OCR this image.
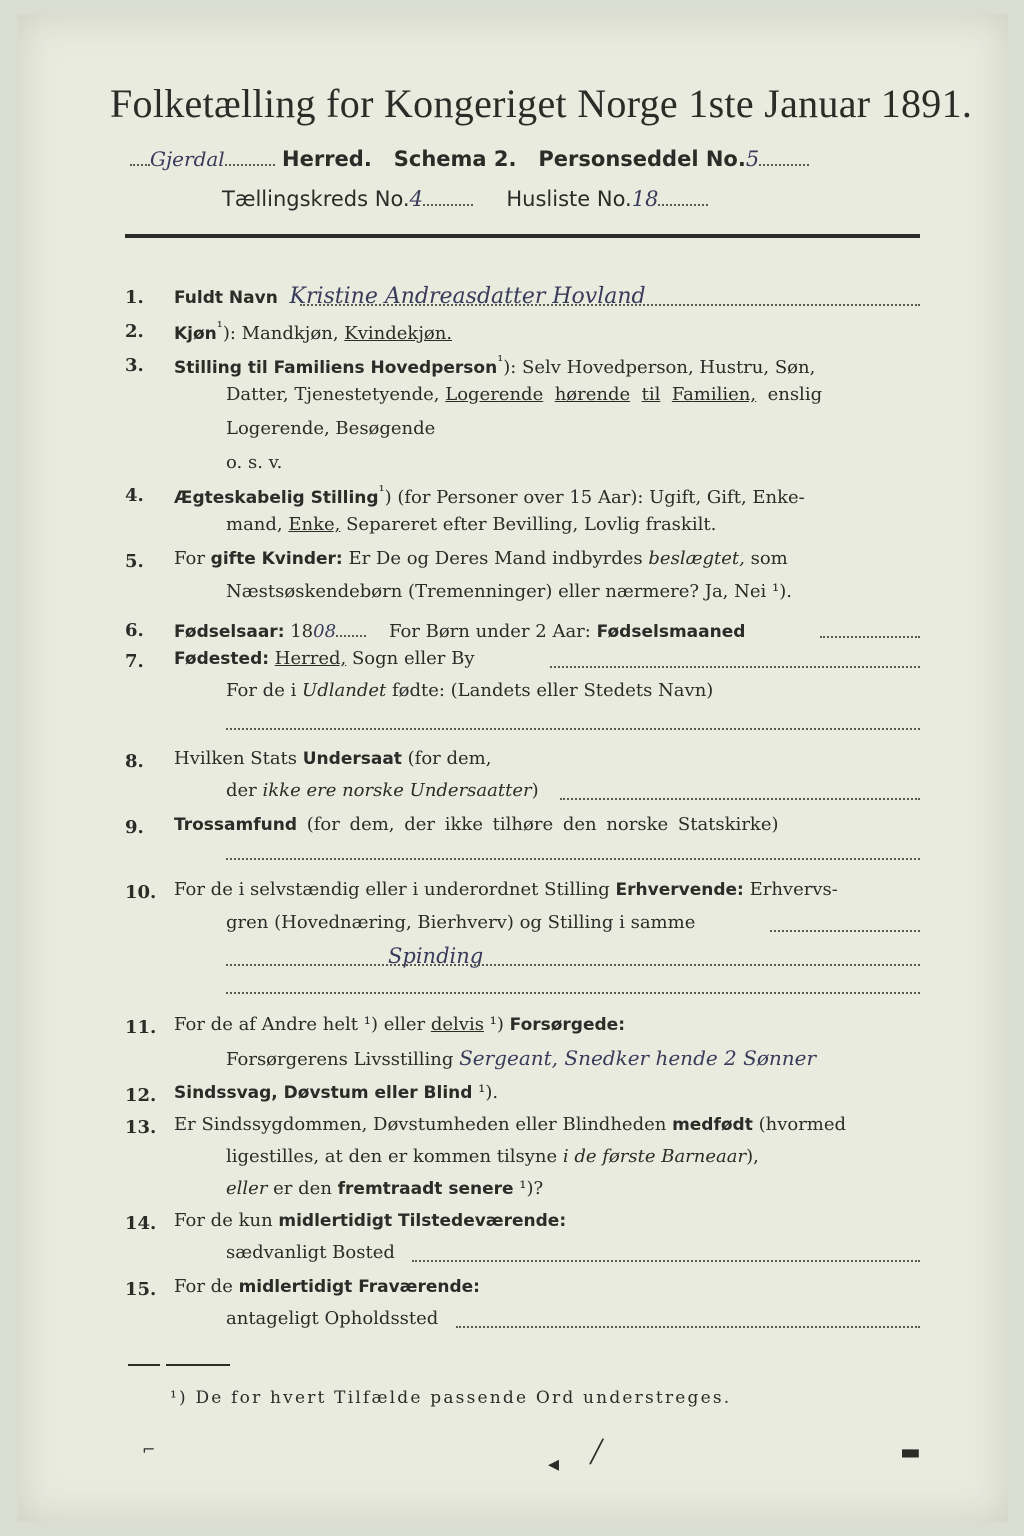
Folketælling for Kongeriget Norge 1ste Januar 1891.
Gjerdal	Herred. Schema 2. Personseddel No.5
Tællingskreds No.4	Husliste No.18
1. Fuldt Navn Kristine Andreasdatter Hovland
2. Kjøn$^{^1}$): Mandkjøn, Kvindekjøn.
3. Stilling til Familiens Hovedperson$^{^1}$): Selv Hovedperson, Hustru, Søn,
Datter, Tjenestetyende, Logerende hørende til Familien, enslig
Logerende, Besøgende
o. s. v.
4. Ægteskabelig Stilling$^{^1}$) (for Personer over 15 Aar): Ugift, Gift, Enke-
mand, Enke, Separeret efter Bevilling, Lovlig fraskilt.
5. For gifte Kvinder: Er De og Deres Mand indbyrdes beslægtet, som
Næstsøskendebørn (Tremenninger) eller nærmere? Ja, Nei ¹).
6. Fødselsaar: 1808	For Børn under 2 Aar: Fødselsmaaned
7. Fødested: Herred, Sogn eller By
For de i Udlandet fødte: (Landets eller Stedets Navn)
8. Hvilken Stats Undersaat (for dem,
der ikke ere norske Undersaatter)
9. Trossamfund (for dem, der ikke tilhøre den norske Statskirke)
10. For de i selvstændig eller i underordnet Stilling Erhvervende: Erhvervs-
gren (Hovednæring, Bierhverv) og Stilling i samme
Spinding
11. For de af Andre helt ¹) eller delvis ¹) Forsørgede:
Forsørgerens Livsstilling Sergeant, Snedker hende 2 Sønner
12. Sindssvag, Døvstum eller Blind ¹).
13. Er Sindssygdommen, Døvstumheden eller Blindheden medfødt (hvormed
ligestilles, at den er kommen tilsyne i de første Barneaar),
eller er den fremtraadt senere ¹)?
14. For de kun midlertidigt Tilstedeværende:
sædvanligt Bosted
15. For de midlertidigt Fraværende:
antageligt Opholdssted
¹) De for hvert Tilfælde passende Ord understreges.
⌐
◂ ╱	▬
